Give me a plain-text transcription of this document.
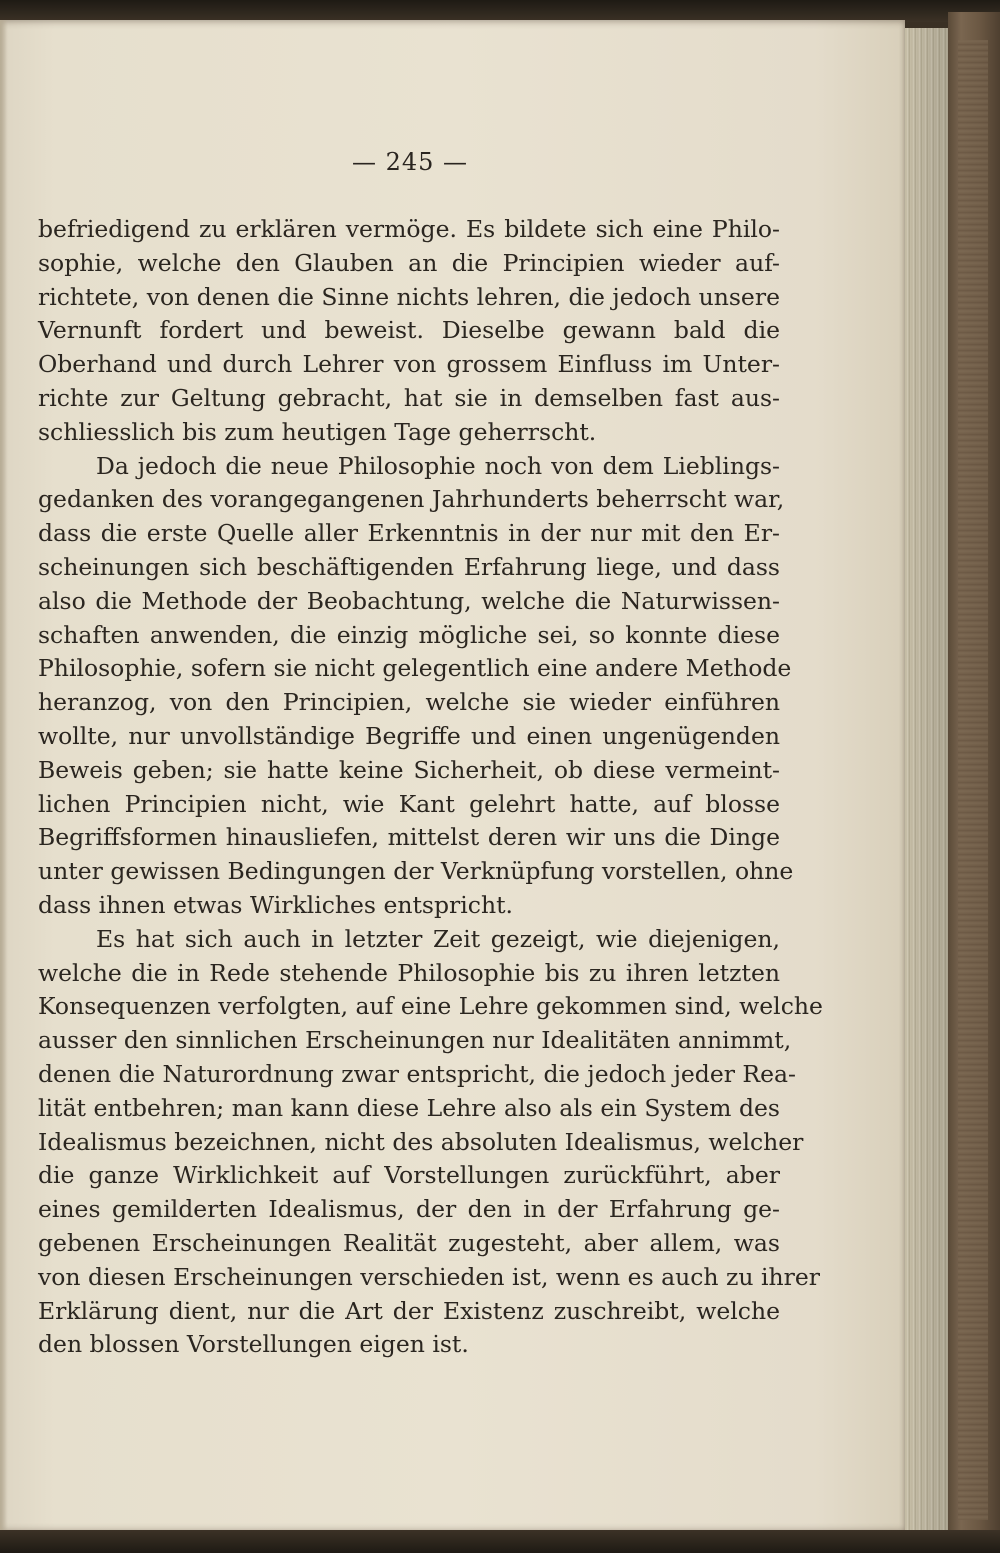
— 245 —

befriedigend zu erklären vermöge. Es bildete sich eine Philo-
sophie, welche den Glauben an die Principien wieder auf-
richtete, von denen die Sinne nichts lehren, die jedoch unsere
Vernunft fordert und beweist. Dieselbe gewann bald die
Oberhand und durch Lehrer von grossem Einfluss im Unter-
richte zur Geltung gebracht, hat sie in demselben fast aus-
schliesslich bis zum heutigen Tage geherrscht.

Da jedoch die neue Philosophie noch von dem Lieblings-
gedanken des vorangegangenen Jahrhunderts beherrscht war,
dass die erste Quelle aller Erkenntnis in der nur mit den Er-
scheinungen sich beschäftigenden Erfahrung liege, und dass
also die Methode der Beobachtung, welche die Naturwissen-
schaften anwenden, die einzig mögliche sei, so konnte diese
Philosophie, sofern sie nicht gelegentlich eine andere Methode
heranzog, von den Principien, welche sie wieder einführen
wollte, nur unvollständige Begriffe und einen ungenügenden
Beweis geben; sie hatte keine Sicherheit, ob diese vermeint-
lichen Principien nicht, wie Kant gelehrt hatte, auf blosse
Begriffsformen hinausliefen, mittelst deren wir uns die Dinge
unter gewissen Bedingungen der Verknüpfung vorstellen, ohne
dass ihnen etwas Wirkliches entspricht.

Es hat sich auch in letzter Zeit gezeigt, wie diejenigen,
welche die in Rede stehende Philosophie bis zu ihren letzten
Konsequenzen verfolgten, auf eine Lehre gekommen sind, welche
ausser den sinnlichen Erscheinungen nur Idealitäten annimmt,
denen die Naturordnung zwar entspricht, die jedoch jeder Rea-
lität entbehren; man kann diese Lehre also als ein System des
Idealismus bezeichnen, nicht des absoluten Idealismus, welcher
die ganze Wirklichkeit auf Vorstellungen zurückführt, aber
eines gemilderten Idealismus, der den in der Erfahrung ge-
gebenen Erscheinungen Realität zugesteht, aber allem, was
von diesen Erscheinungen verschieden ist, wenn es auch zu ihrer
Erklärung dient, nur die Art der Existenz zuschreibt, welche
den blossen Vorstellungen eigen ist.
